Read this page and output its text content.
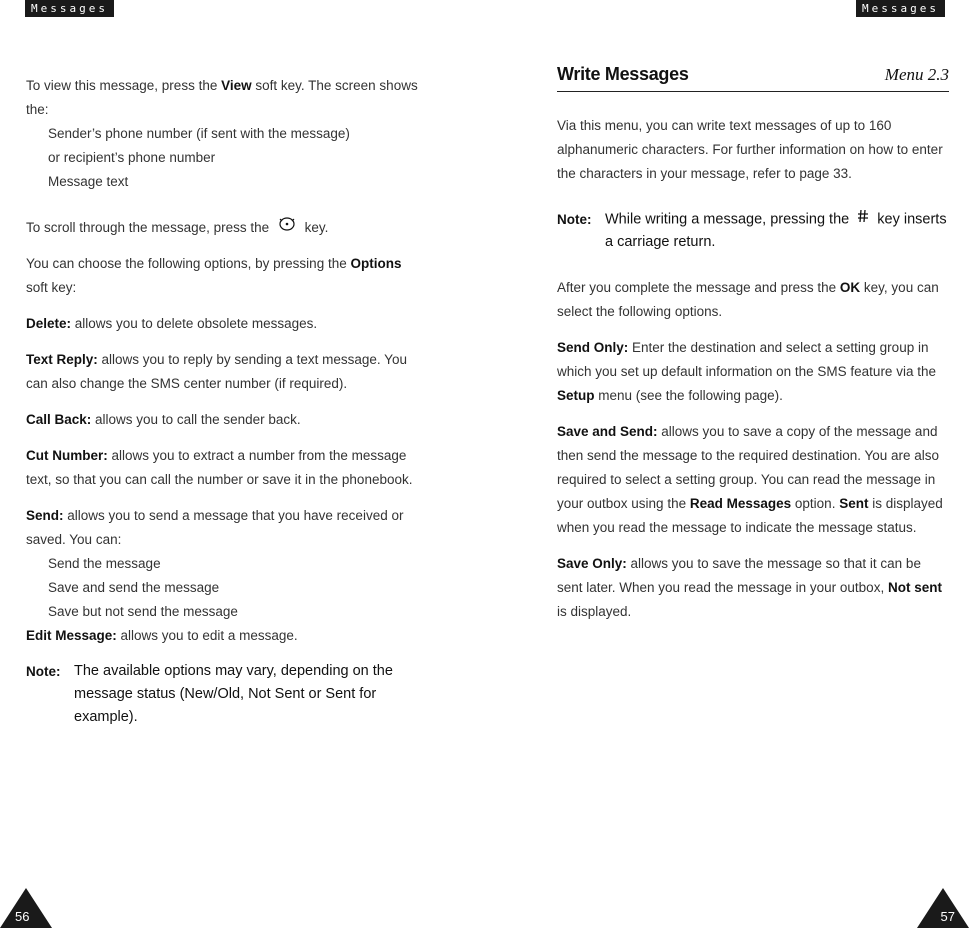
Messages	Messages

To view this message, press the View soft key. The screen shows the:

Sender’s phone number (if sent with the message)
or recipient’s phone number
Message text

To scroll through the message, press the	key.

You can choose the following options, by pressing the Options soft key:

Delete: allows you to delete obsolete messages.

Text Reply: allows you to reply by sending a text message. You can also change the SMS center number (if required).

Call Back: allows you to call the sender back.

Cut Number: allows you to extract a number from the message text, so that you can call the number or save it in the phonebook.

Send: allows you to send a message that you have received or saved. You can:

Send the message
Save and send the message
Save but not send the message

Edit Message: allows you to edit a message.

Note: The available options may vary, depending on the message status (New/Old, Not Sent or Sent for example).
Write Messages	Menu 2.3

Via this menu, you can write text messages of up to 160 alphanumeric characters. For further information on how to enter the characters in your message, refer to page 33.

Note: While writing a message, pressing the key inserts a carriage return.

After you complete the message and press the OK key, you can select the following options.

Send Only: Enter the destination and select a setting group in which you set up default information on the SMS feature via the Setup menu (see the following page).

Save and Send: allows you to save a copy of the message and then send the message to the required destination. You are also required to select a setting group. You can read the message in your outbox using the Read Messages option. Sent is displayed when you read the message to indicate the message status.

Save Only: allows you to save the message so that it can be sent later. When you read the message in your outbox, Not sent is displayed.

56	57
